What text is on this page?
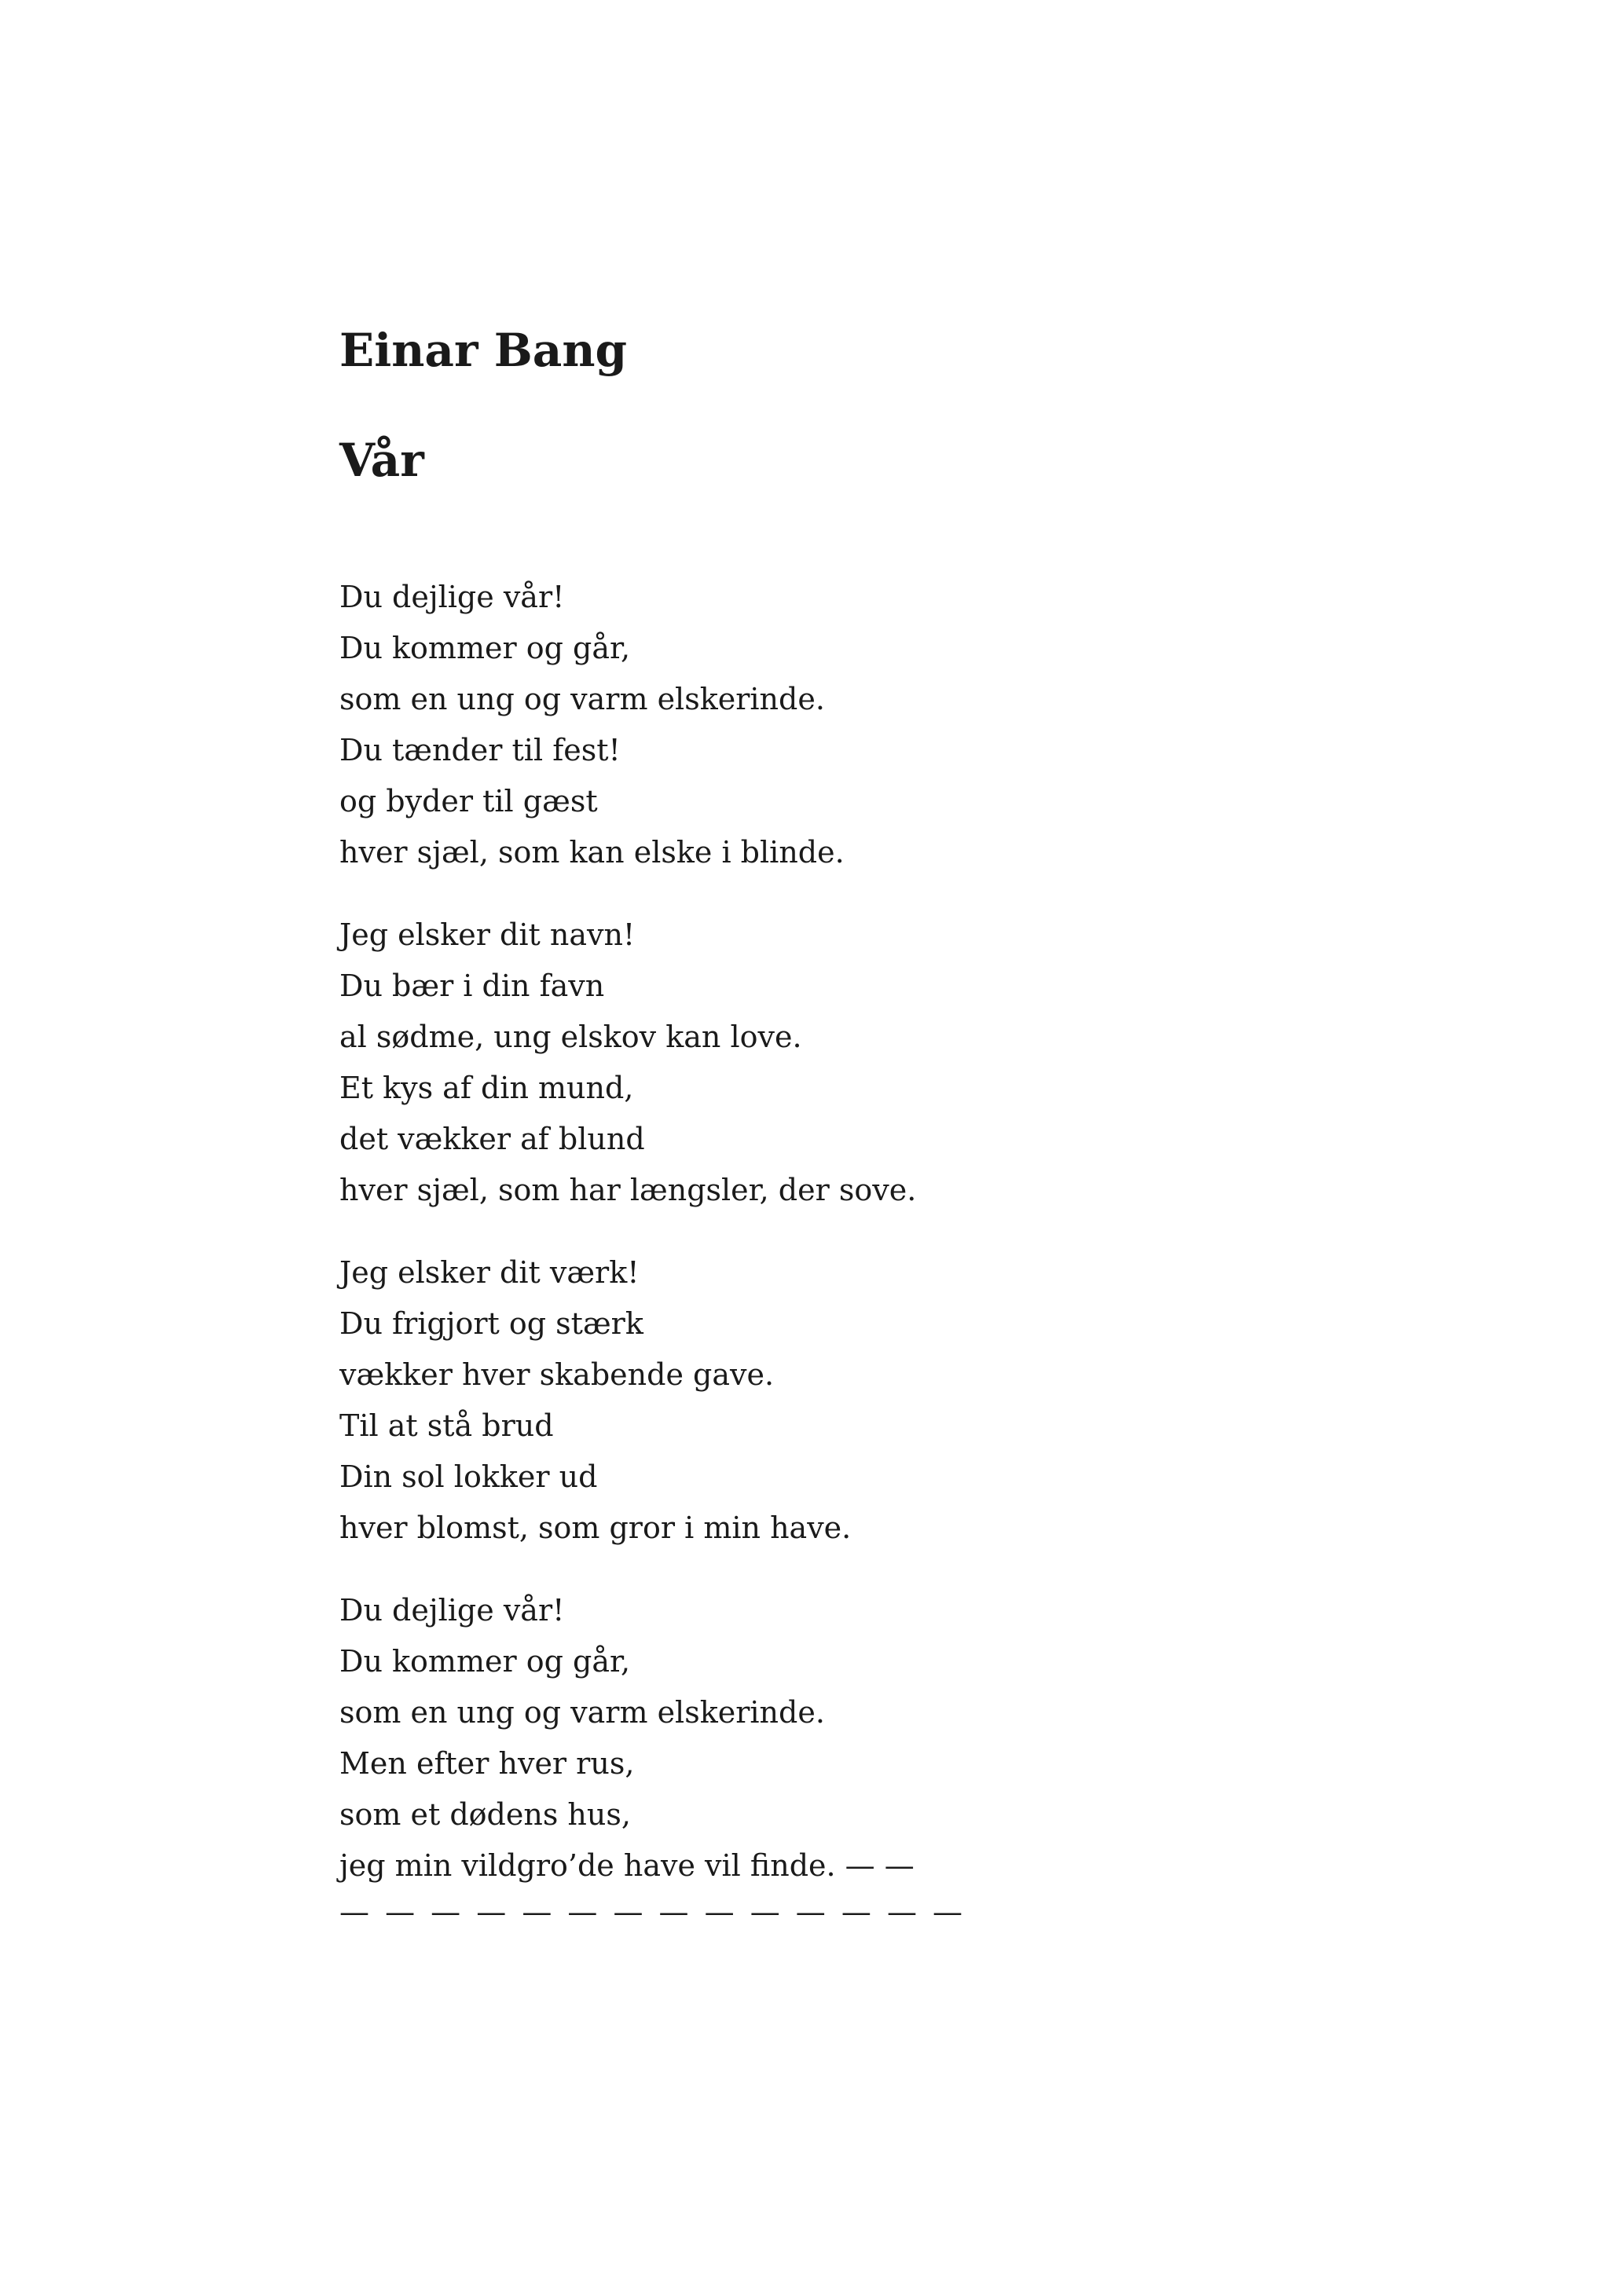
Einar Bang
Vår
Du dejlige vår!
Du kommer og går,
som en ung og varm elskerinde.
Du tænder til fest!
og byder til gæst
hver sjæl, som kan elske i blinde.
Jeg elsker dit navn!
Du bær i din favn
al sødme, ung elskov kan love.
Et kys af din mund,
det vækker af blund
hver sjæl, som har længsler, der sove.
Jeg elsker dit værk!
Du frigjort og stærk
vækker hver skabende gave.
Til at stå brud
Din sol lokker ud
hver blomst, som gror i min have.
Du dejlige vår!
Du kommer og går,
som en ung og varm elskerinde.
Men efter hver rus,
som et dødens hus,
jeg min vildgro’de have vil finde. — —
— — — — — — — — — — — — — —
